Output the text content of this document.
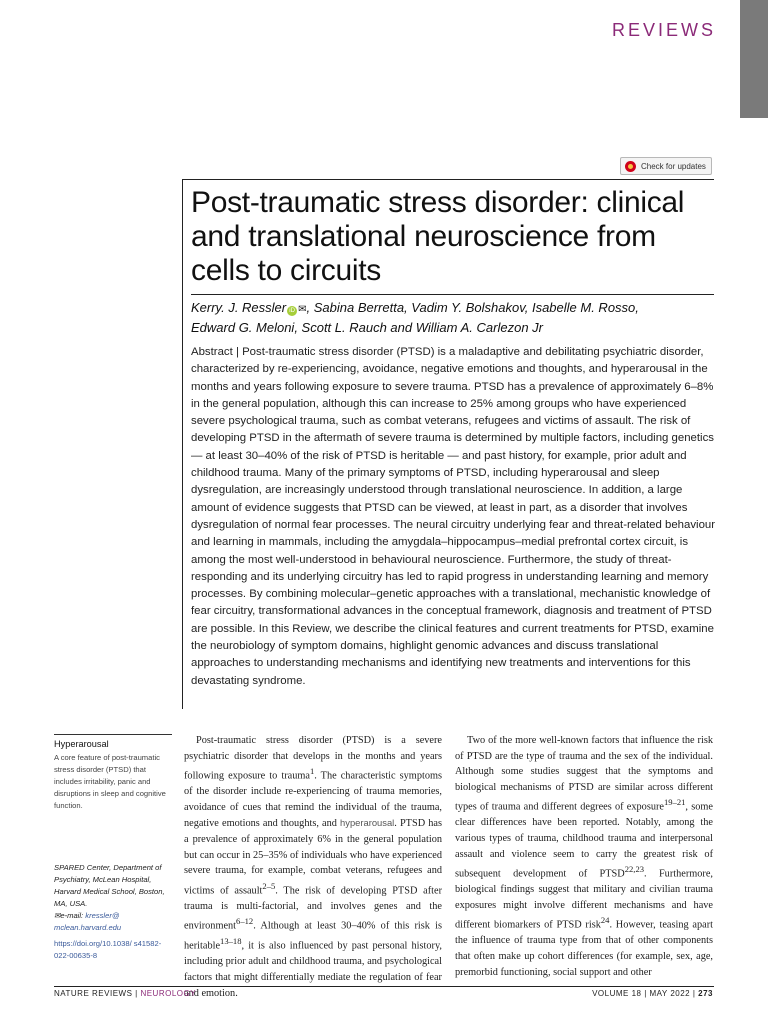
REVIEWS
Check for updates
Post-traumatic stress disorder: clinical and translational neuroscience from cells to circuits
Kerry. J. Ressler iD ✉, Sabina Berretta, Vadim Y. Bolshakov, Isabelle M. Rosso,
Edward G. Meloni, Scott L. Rauch and William A. Carlezon Jr
Abstract | Post-traumatic stress disorder (PTSD) is a maladaptive and debilitating psychiatric disorder, characterized by re-experiencing, avoidance, negative emotions and thoughts, and hyperarousal in the months and years following exposure to severe trauma. PTSD has a prevalence of approximately 6–8% in the general population, although this can increase to 25% among groups who have experienced severe psychological trauma, such as combat veterans, refugees and victims of assault. The risk of developing PTSD in the aftermath of severe trauma is determined by multiple factors, including genetics — at least 30–40% of the risk of PTSD is heritable — and past history, for example, prior adult and childhood trauma. Many of the primary symptoms of PTSD, including hyperarousal and sleep dysregulation, are increasingly understood through translational neuroscience. In addition, a large amount of evidence suggests that PTSD can be viewed, at least in part, as a disorder that involves dysregulation of normal fear processes. The neural circuitry underlying fear and threat-related behaviour and learning in mammals, including the amygdala–hippocampus–medial prefrontal cortex circuit, is among the most well-understood in behavioural neuroscience. Furthermore, the study of threat-responding and its underlying circuitry has led to rapid progress in understanding learning and memory processes. By combining molecular–genetic approaches with a translational, mechanistic knowledge of fear circuitry, transformational advances in the conceptual framework, diagnosis and treatment of PTSD are possible. In this Review, we describe the clinical features and current treatments for PTSD, examine the neurobiology of symptom domains, highlight genomic advances and discuss translational approaches to understanding mechanisms and identifying new treatments and interventions for this devastating syndrome.
Hyperarousal
A core feature of post-traumatic stress disorder (PTSD) that includes irritability, panic and disruptions in sleep and cognitive function.
SPARED Center, Department of Psychiatry, McLean Hospital, Harvard Medical School, Boston, MA, USA.
✉e-mail: kressler@ mclean.harvard.edu
https://doi.org/10.1038/ s41582-022-00635-8

Post-traumatic stress disorder (PTSD) is a severe psychiatric disorder that develops in the months and years following exposure to trauma$^1$. The characteristic symptoms of the disorder include re-experiencing of trauma memories, avoidance of cues that remind the individual of the trauma, negative emotions and thoughts, and hyperarousal. PTSD has a prevalence of approximately 6% in the general population but can occur in 25–35% of individuals who have experienced severe trauma, for example, combat veterans, refugees and victims of assault$^{2-5}$. The risk of developing PTSD after trauma is multi-factorial, and involves genes and the environment$^{6-12}$. Although at least 30–40% of this risk is heritable$^{13-18}$, it is also influenced by past personal history, including prior adult and childhood trauma, and psychological factors that might differentially mediate the regulation of fear and emotion.

Two of the more well-known factors that influence the risk of PTSD are the type of trauma and the sex of the individual. Although some studies suggest that the symptoms and biological mechanisms of PTSD are similar across different types of trauma and different degrees of exposure$^{19-21}$, some clear differences have been reported. Notably, among the various types of trauma, childhood trauma and interpersonal assault and violence seem to carry the greatest risk of subsequent development of PTSD$^{22,23}$. Furthermore, biological findings suggest that military and civilian trauma exposures might involve different mechanisms and have different biomarkers of PTSD risk$^{24}$. However, teasing apart the influence of trauma type from that of other components that often make up cohort differences (for example, sex, age, premorbid functioning, social support and other

NATURE REVIEWS | NEUROLOGY	VOLUME 18 | MAY 2022 | 273
